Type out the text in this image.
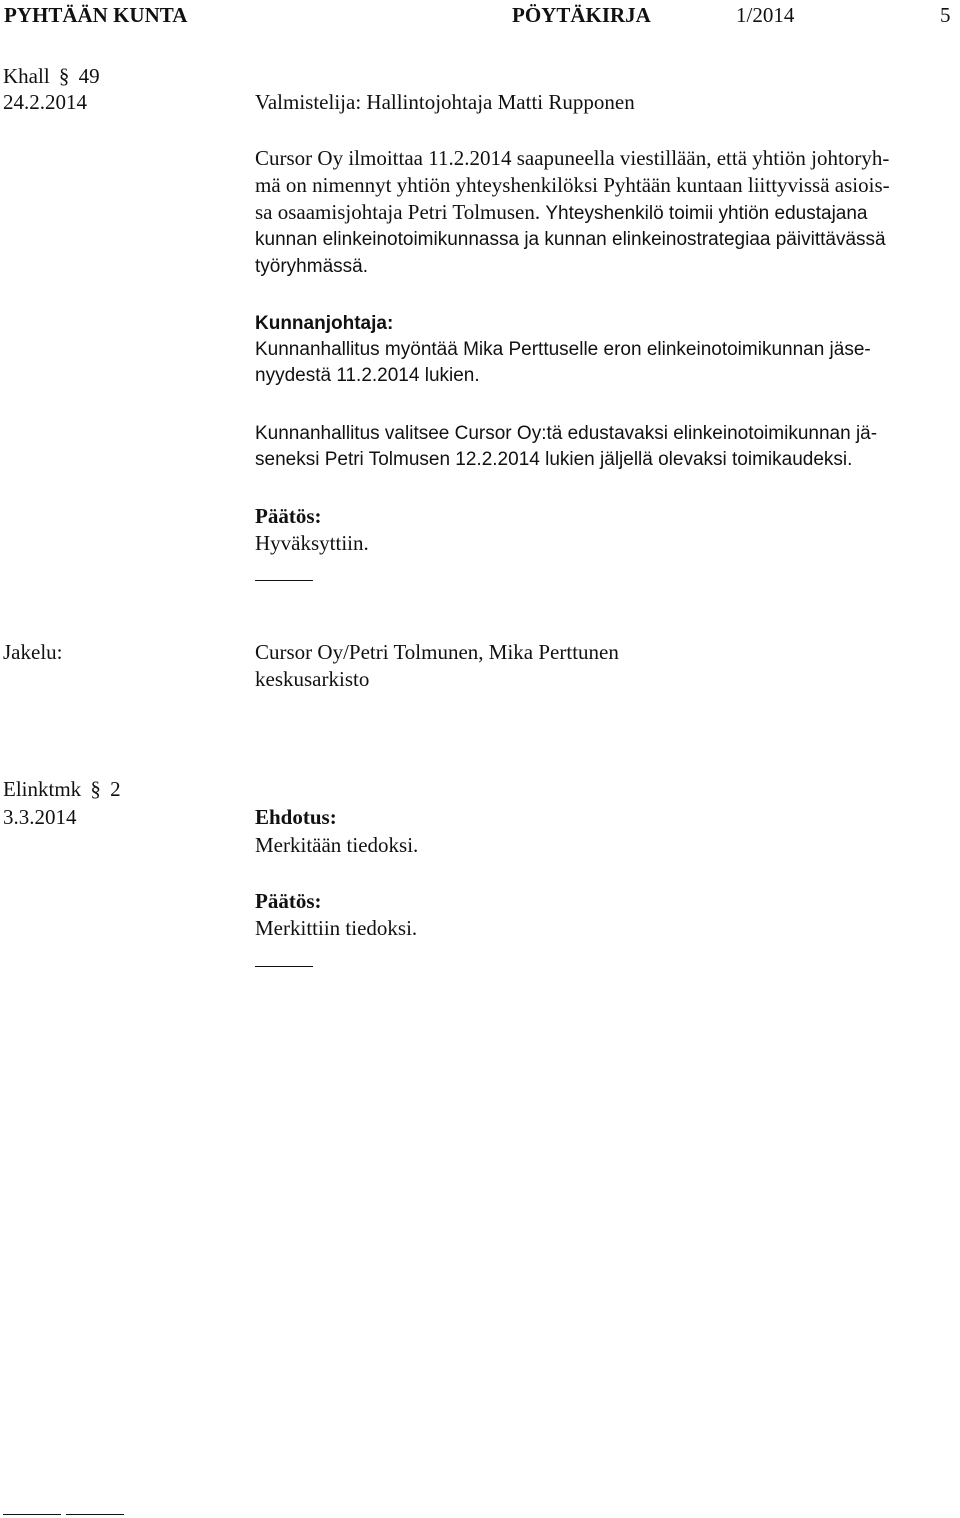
PYHTÄÄN KUNTA	PÖYTÄKIRJA	1/2014	5
Khall § 49
24.2.2014	Valmistelija: Hallintojohtaja Matti Rupponen
Cursor Oy ilmoittaa 11.2.2014 saapuneella viestillään, että yhtiön johtoryh-
mä on nimennyt yhtiön yhteyshenkilöksi Pyhtään kuntaan liittyvissä asiois-
sa osaamisjohtaja Petri Tolmusen. Yhteyshenkilö toimii yhtiön edustajana
kunnan elinkeinotoimikunnassa ja kunnan elinkeinostrategiaa päivittävässä
työryhmässä.
Kunnanjohtaja:
Kunnanhallitus myöntää Mika Perttuselle eron elinkeinotoimikunnan jäse-
nyydestä 11.2.2014 lukien.
Kunnanhallitus valitsee Cursor Oy:tä edustavaksi elinkeinotoimikunnan jä-
seneksi Petri Tolmusen 12.2.2014 lukien jäljellä olevaksi toimikaudeksi.
Päätös:
Hyväksyttiin.
Jakelu:	Cursor Oy/Petri Tolmunen, Mika Perttunen
keskusarkisto
Elinktmk § 2
3.3.2014	Ehdotus:
Merkitään tiedoksi.
Päätös:
Merkittiin tiedoksi.
